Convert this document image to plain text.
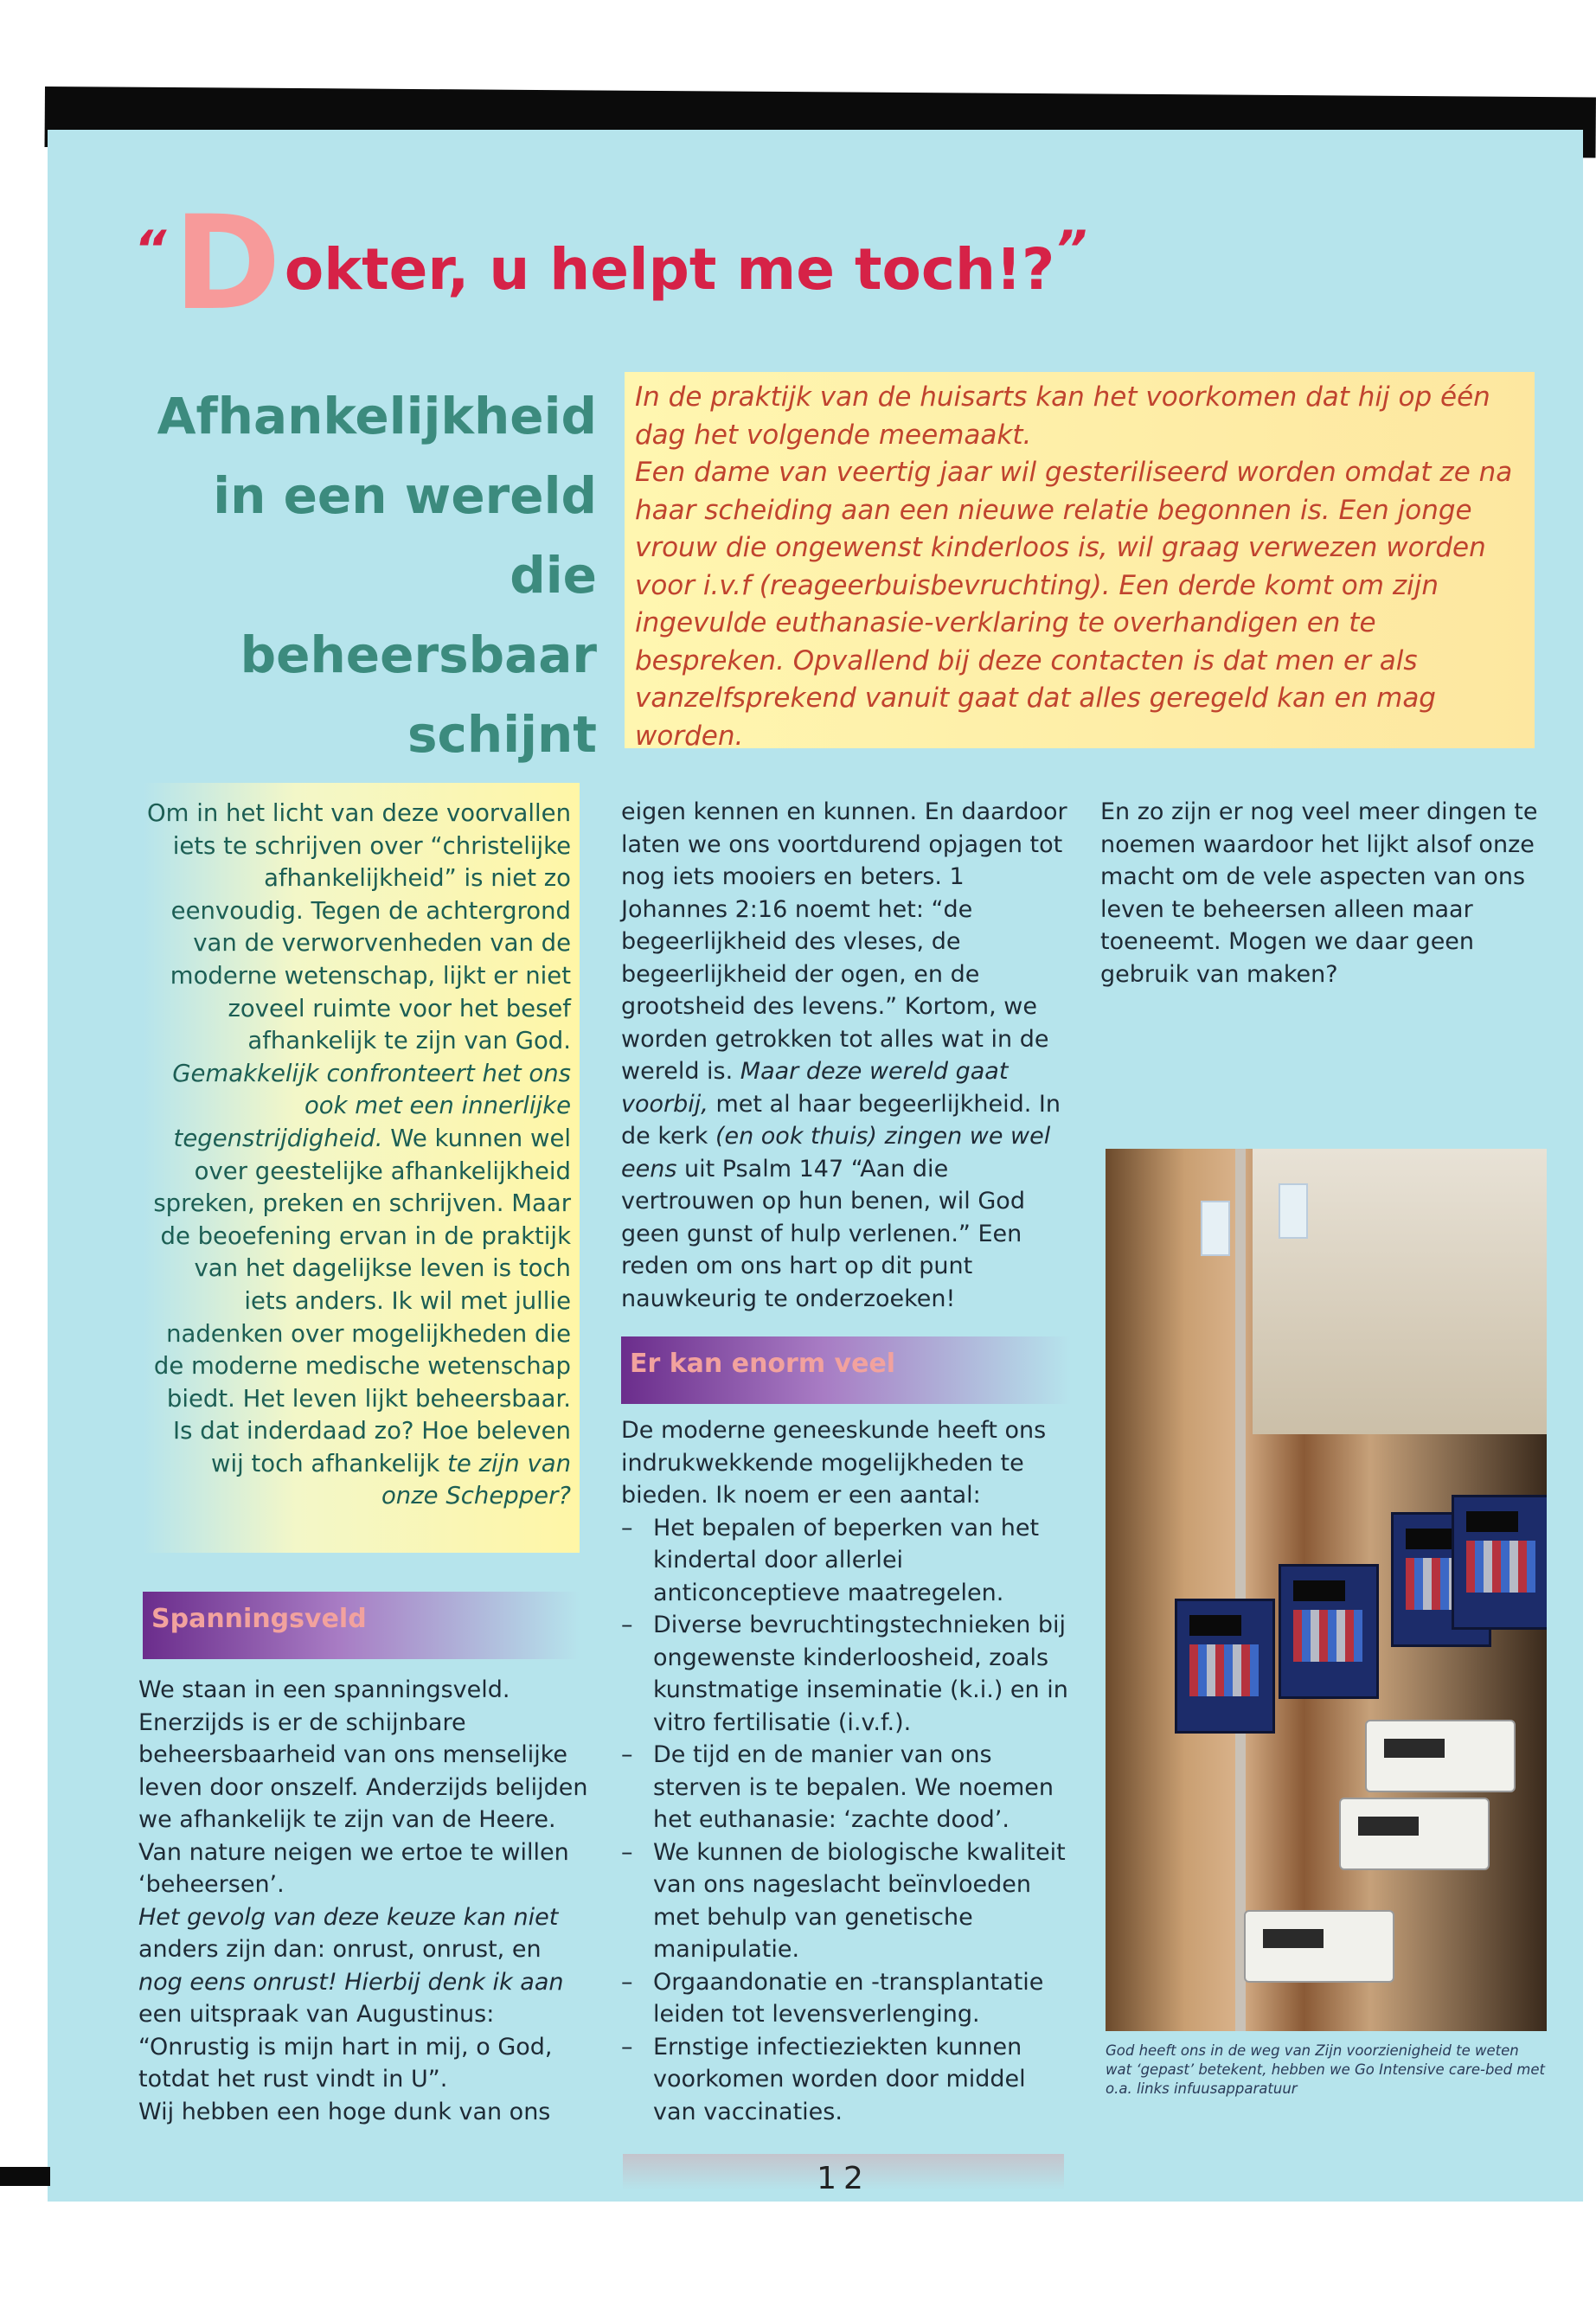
“Dokter, u helpt me toch!?”
Afhankelijkheid
in een wereld die
beheersbaar
schijnt

In de praktijk van de huisarts kan het voorkomen dat hij op één dag het volgende meemaakt.

Een dame van veertig jaar wil gesteriliseerd worden omdat ze na haar scheiding aan een nieuwe relatie begonnen is. Een jonge vrouw die ongewenst kinderloos is, wil graag verwezen worden voor i.v.f (reageerbuisbevruchting). Een derde komt om zijn ingevulde euthanasie-verklaring te overhandigen en te bespreken. Opvallend bij deze contacten is dat men er als vanzelfsprekend vanuit gaat dat alles geregeld kan en mag worden.

Om in het licht van deze voorvallen iets te schrijven over “christelijke afhankelijkheid” is niet zo eenvoudig. Tegen de achtergrond van de verworvenheden van de moderne wetenschap, lijkt er niet zoveel ruimte voor het besef afhankelijk te zijn van God. Gemakkelijk confronteert het ons ook met een innerlijke tegenstrijdigheid. We kunnen wel over geestelijke afhankelijkheid spreken, preken en schrijven. Maar de beoefening ervan in de praktijk van het dagelijkse leven is toch iets anders. Ik wil met jullie nadenken over mogelijkheden die de moderne medische wetenschap biedt. Het leven lijkt beheersbaar. Is dat inderdaad zo? Hoe beleven wij toch afhankelijk te zijn van onze Schepper?

Spanningsveld

We staan in een spanningsveld. Enerzijds is er de schijnbare beheersbaarheid van ons menselijke leven door onszelf. Anderzijds belijden we afhankelijk te zijn van de Heere. Van nature neigen we ertoe te willen ‘beheersen’.

Het gevolg van deze keuze kan niet anders zijn dan: onrust, onrust, en nog eens onrust! Hierbij denk ik aan een uitspraak van Augustinus: “Onrustig is mijn hart in mij, o God, totdat het rust vindt in U”.

Wij hebben een hoge dunk van ons

eigen kennen en kunnen. En daardoor laten we ons voortdurend opjagen tot nog iets mooiers en beters. 1 Johannes 2:16 noemt het: “de begeerlijkheid des vleses, de begeerlijkheid der ogen, en de grootsheid des levens.” Kortom, we worden getrokken tot alles wat in de wereld is. Maar deze wereld gaat voorbij, met al haar begeerlijkheid. In de kerk (en ook thuis) zingen we wel eens uit Psalm 147 “Aan die vertrouwen op hun benen, wil God geen gunst of hulp verlenen.” Een reden om ons hart op dit punt nauwkeurig te onderzoeken!

Er kan enorm veel

De moderne geneeskunde heeft ons indrukwekkende mogelijkheden te bieden. Ik noem er een aantal:

– Het bepalen of beperken van het kindertal door allerlei anticonceptieve maatregelen.
– Diverse bevruchtingstechnieken bij ongewenste kinderloosheid, zoals kunstmatige inseminatie (k.i.) en in vitro fertilisatie (i.v.f.).
– De tijd en de manier van ons sterven is te bepalen. We noemen het euthanasie: ‘zachte dood’.
– We kunnen de biologische kwaliteit van ons nageslacht beïnvloeden met behulp van genetische manipulatie.
– Orgaandonatie en -transplantatie leiden tot levensverlenging.
– Ernstige infectieziekten kunnen voorkomen worden door middel van vaccinaties.

En zo zijn er nog veel meer dingen te noemen waardoor het lijkt alsof onze macht om de vele aspecten van ons leven te beheersen alleen maar toeneemt. Mogen we daar geen gebruik van maken?

God heeft ons in de weg van Zijn voorzienigheid te weten wat ‘gepast’ betekent, hebben we Go Intensive care-bed met o.a. links infuusapparatuur
12
